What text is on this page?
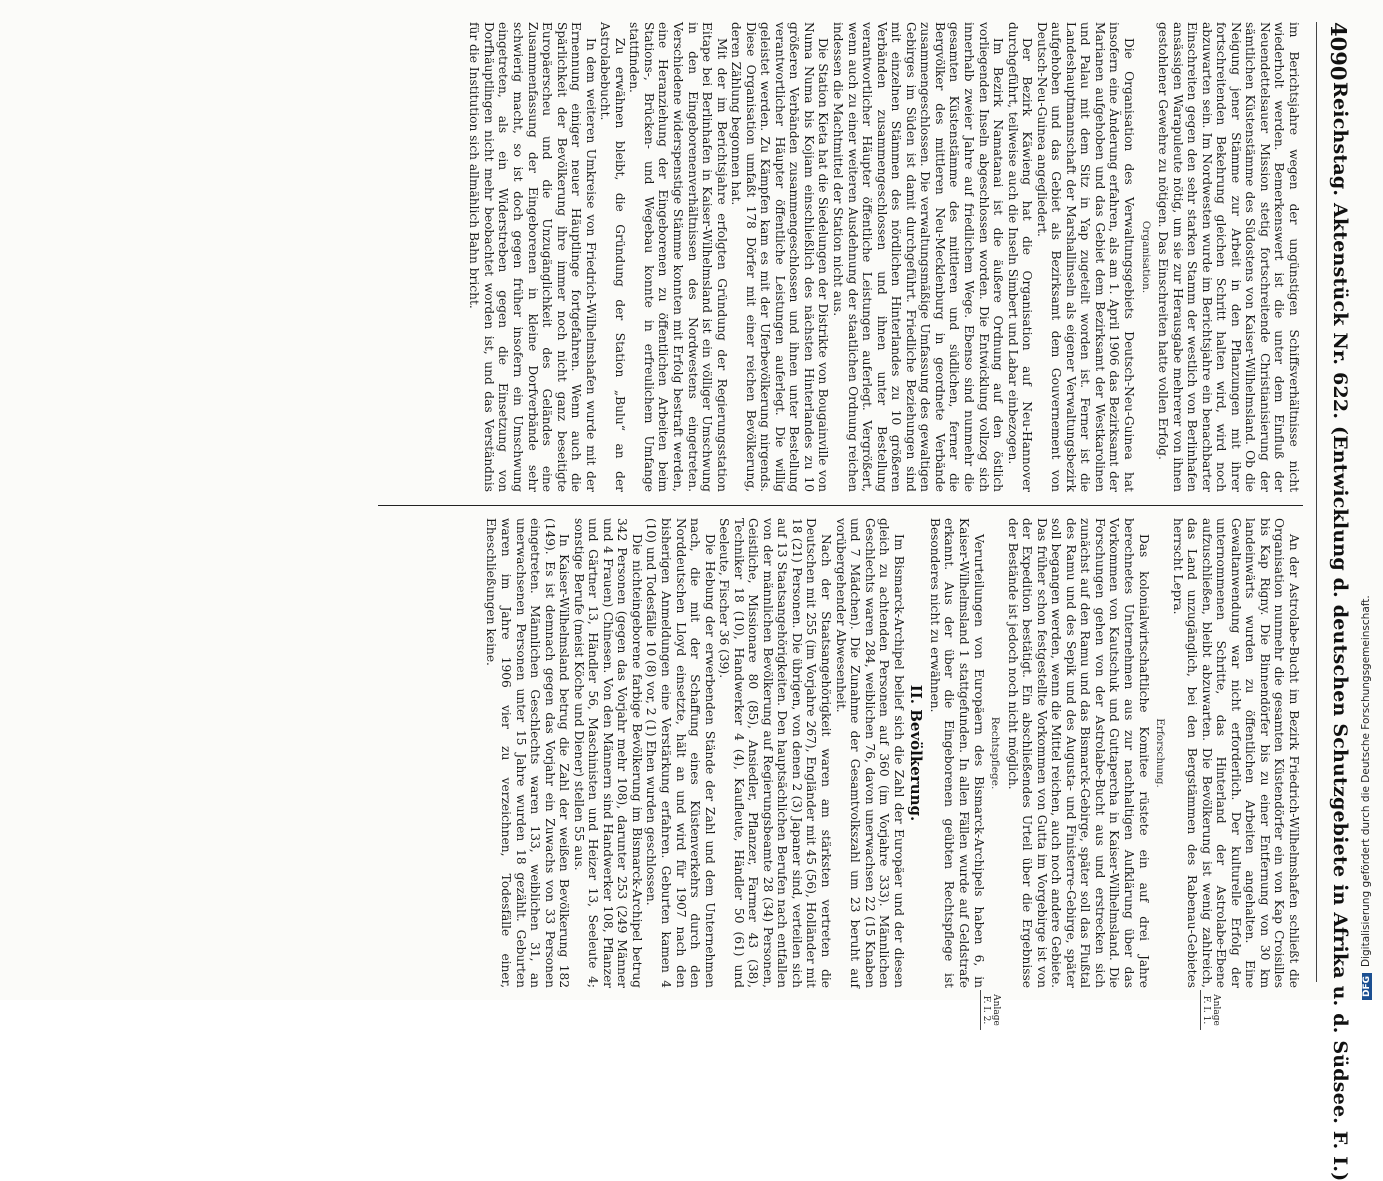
4090
Reichstag. Aktenstück Nr. 622. (Entwicklung d. deutschen Schutzgebiete in Afrika u. d. Südsee. F. I.)
Anlage F. I. 1.
Anlage F. I. 2.

im Berichtsjahre wegen der ungünstigen Schiffsverhältnisse nicht wiederholt werden. Bemerkenswert ist die unter dem Einfluß der Neuendettelsauer Mission stetig fortschreitende Christianisierung der sämtlichen Küstenstämme des Südostens von Kaiser-Wilhelmsland. Ob die Neigung jener Stämme zur Arbeit in den Pflanzungen mit ihrer fortschreitenden Bekehrung gleichen Schritt halten wird, wird noch abzuwarten sein. Im Nordwesten wurde im Berichtsjahre ein benachbarter Einschreiten gegen den sehr starken Stamm der westlich von Berlinhafen ansässigen Warapuleute nötig, um sie zur Herausgabe mehrerer von ihnen gestohlener Gewehre zu nötigen. Das Einschreiten hatte vollen Erfolg.

Organisation.

Die Organisation des Verwaltungsgebiets Deutsch-Neu-Guinea hat insofern eine Änderung erfahren, als am 1. April 1906 das Bezirksamt der Marianen aufgehoben und das Gebiet dem Bezirksamt der Westkarolinen und Palau mit dem Sitz in Yap zugeteilt worden ist. Ferner ist die Landeshauptmannschaft der Marshallinseln als eigener Verwaltungsbezirk aufgehoben und das Gebiet als Bezirksamt dem Gouvernement von Deutsch-Neu-Guinea angegliedert.

Der Bezirk Käwieng hat die Organisation auf Neu-Hannover durchgeführt, teilweise auch die Inseln Simbert und Labar einbezogen.

Im Bezirk Namatanai ist die äußere Ordnung auf den östlich vorliegenden Inseln abgeschlossen worden. Die Entwicklung vollzog sich innerhalb zweier Jahre auf friedlichem Wege. Ebenso sind nunmehr die gesamten Küstenstämme des mittleren und südlichen, ferner die Bergvölker des mittleren Neu-Mecklenburg in geordnete Verbände zusammengeschlossen. Die verwaltungsmäßige Umfassung des gewaltigen Gebirges im Süden ist damit durchgeführt. Friedliche Beziehungen sind mit einzelnen Stämmen des nördlichen Hinterlandes zu 10 größeren Verbänden zusammengeschlossen und ihnen unter Bestellung verantwortlicher Häupter öffentliche Leistungen auferlegt. Vergrößert, wenn auch zu einer weiteren Ausdehnung der staatlichen Ordnung reichen indessen die Machtmittel der Station nicht aus.

Die Station Kieta hat die Siedelungen der Distrikte von Bougainville von Numa Numa bis Kojiam einschließlich des nächsten Hinterlandes zu 10 größeren Verbänden zusammengeschlossen und ihnen unter Bestellung verantwortlicher Häupter öffentliche Leistungen auferlegt. Die willig geleistet werden. Zu Kämpfen kam es mit der Uferbevölkerung nirgends. Diese Organisation umfaßt 178 Dörfer mit einer reichen Bevölkerung, deren Zählung begonnen hat.

Mit der im Berichtsjahre erfolgten Gründung der Regierungsstation Eitape bei Berlinhafen in Kaiser-Wilhelmsland ist ein völliger Umschwung in den Eingeborenenverhältnissen des Nordwestens eingetreten. Verschiedene widerspenstige Stämme konnten mit Erfolg bestraft werden, eine Heranziehung der Eingeborenen zu öffentlichen Arbeiten beim Stations-, Brücken- und Wegebau konnte in erfreulichem Umfange stattfinden.

Zu erwähnen bleibt, die Gründung der Station „Bulu“ an der Astrolabebucht.

In dem weiteren Umkreise von Friedrich-Wilhelmshafen wurde mit der Ernennung einiger neuer Häuptlinge fortgefahren. Wenn auch die Spärlichkeit der Bevölkerung ihre immer noch nicht ganz beseitigte Europäerscheu und die Unzugänglichkeit des Geländes eine Zusammenfassung der Eingeborenen in kleine Dorfverbände sehr schwierig macht, so ist doch gegen früher insofern ein Umschwung eingetreten, als ein Widerstreben gegen die Einsetzung von Dorfhäuptlingen nicht mehr beobachtet worden ist, und das Verständnis für die Institution sich allmählich Bahn bricht.

An der Astrolabe-Bucht im Bezirk Friedrich-Wilhelmshafen schließt die Organisation nunmehr die gesamten Küstendörfer ein von Kap Croisilles bis Kap Rigny. Die Binnendörfer bis zu einer Entfernung von 30 km landeinwärts wurden zu öffentlichen Arbeiten angehalten. Eine Gewaltanwendung war nicht erforderlich. Der kulturelle Erfolg der unternommenen Schritte, das Hinterland der Astrolabe-Ebene aufzuschließen, bleibt abzuwarten. Die Bevölkerung ist wenig zahlreich, das Land unzugänglich, bei den Bergstämmen des Rabenau-Gebietes herrscht Lepra.

Erforschung.

Das kolonialwirtschaftliche Komitee rüstete ein auf drei Jahre berechnetes Unternehmen aus zur nachhaltigen Aufklärung über das Vorkommen von Kautschuk und Guttapercha in Kaiser-Wilhelmsland. Die Forschungen gehen von der Astrolabe-Bucht aus und erstrecken sich zunächst auf den Ramu und das Bismarck-Gebirge, später soll das Flußtal des Ramu und des Sepik und des Augusta- und Finisterre-Gebirge, später soll begangen werden, wenn die Mittel reichen, auch noch andere Gebiete. Das früher schon festgestellte Vorkommen von Gutta im Vorgebirge ist von der Expedition bestätigt. Ein abschließendes Urteil über die Ergebnisse der Bestände ist jedoch noch nicht möglich.

Rechtspflege.

Verurteilungen von Europäern des Bismarck-Archipels haben 6, in Kaiser-Wilhelmsland 1 stattgefunden. In allen Fällen wurde auf Geldstrafe erkannt. Aus der über die Eingeborenen geübten Rechtspflege ist Besonderes nicht zu erwähnen.

II. Bevölkerung.

Im Bismarck-Archipel belief sich die Zahl der Europäer und der diesen gleich zu achtenden Personen auf 360 (im Vorjahre 333). Männlichen Geschlechts waren 284, weiblichen 76, davon unerwachsen 22 (15 Knaben und 7 Mädchen). Die Zunahme der Gesamtvolkszahl um 23 beruht auf vorübergehender Abwesenheit.

Nach der Staatsangehörigkeit waren am stärksten vertreten die Deutschen mit 255 (im Vorjahre 267), Engländer mit 45 (56), Holländer mit 18 (21) Personen. Die übrigen, von denen 2 (3) Japaner sind, verteilen sich auf 13 Staatsangehörigkeiten. Den hauptsächlichen Berufen nach entfallen von der männlichen Bevölkerung auf Regierungsbeamte 28 (34) Personen, Geistliche, Missionare 80 (85), Ansiedler, Pflanzer, Farmer 43 (38), Techniker 18 (10), Handwerker 4 (4), Kaufleute, Händler 50 (61) und Seeleute, Fischer 36 (39).

Die Hebung der erwerbenden Stände der Zahl und dem Unternehmen nach, die mit der Schaffung eines Küstenverkehrs durch den Norddeutschen Lloyd einsetzte, hält an und wird für 1907 nach den bisherigen Anmeldungen eine Verstärkung erfahren. Geburten kamen 4 (10) und Todesfälle 10 (8) vor, 2 (1) Ehen wurden geschlossen.

Die nichteingeborene farbige Bevölkerung im Bismarck-Archipel betrug 342 Personen (gegen das Vorjahr mehr 108), darunter 253 (249 Männer und 4 Frauen) Chinesen. Von den Männern sind Handwerker 108, Pflanzer und Gärtner 13, Händler 56, Maschinisten und Heizer 13, Seeleute 4; sonstige Berufe (meist Köche und Diener) stellen 55 aus.

In Kaiser-Wilhelmsland betrug die Zahl der weißen Bevölkerung 182 (149). Es ist demnach gegen das Vorjahr ein Zuwachs von 33 Personen eingetreten. Männlichen Geschlechts waren 133, weiblichen 31, an unerwachsenen Personen unter 15 Jahre wurden 18 gezählt. Geburten waren im Jahre 1906 vier zu verzeichnen, Todesfälle einer, Eheschließungen keine.

DFGDigitalisierung gefördert durch die Deutsche Forschungsgemeinschaft.
